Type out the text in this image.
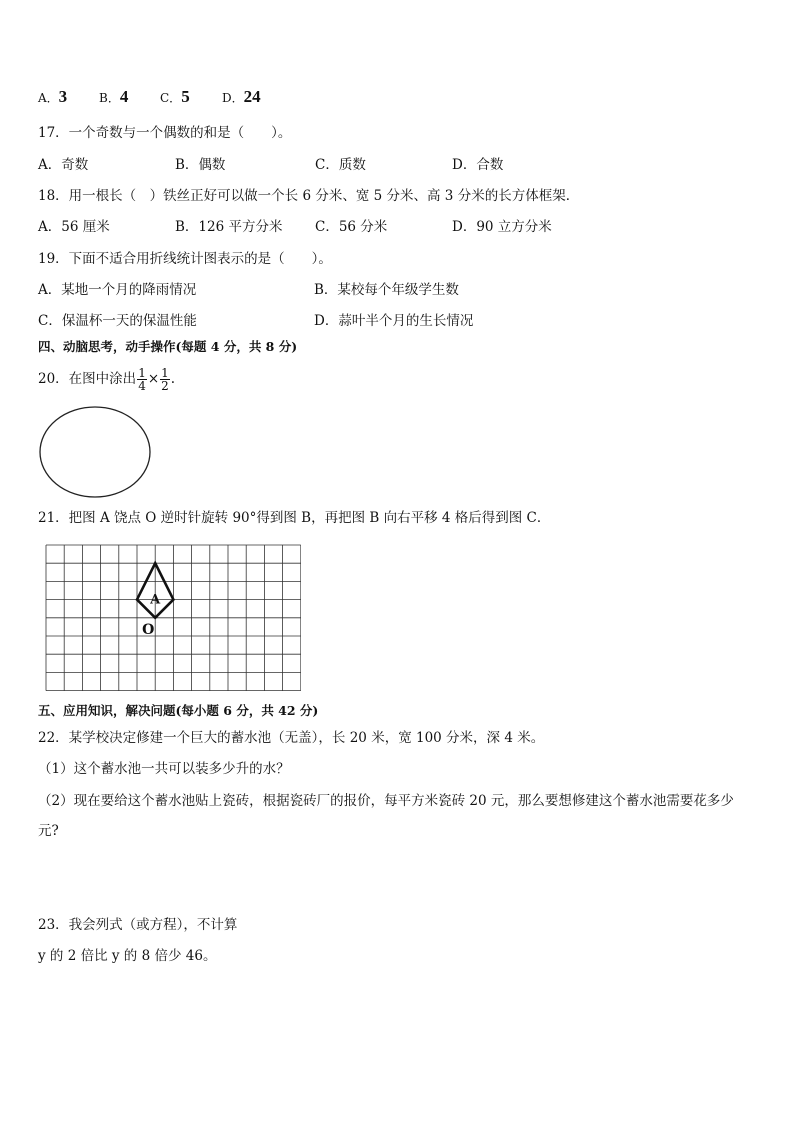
A．3	B．4	C．5	D．24
17．一个奇数与一个偶数的和是（　　）。
A．奇数	B．偶数	C．质数	D．合数
18．用一根长（　）铁丝正好可以做一个长 6 分米、宽 5 分米、高 3 分米的长方体框架．
A．56 厘米	B．126 平方分米 C．56 分米	D．90 立方分米
19．下面不适合用折线统计图表示的是（　　）。
A．某地一个月的降雨情况	B．某校每个年级学生数
C．保温杯一天的保温性能	D．蒜叶半个月的生长情况
四、动脑思考，动手操作(每题 4 分，共 8 分)
20．在图中涂出 $\frac{1}{4} \times \frac{1}{2}$ .
21．把图 A 饶点 O 逆时针旋转 90°得到图 B，再把图 B 向右平移 4 格后得到图 C．
A
O
五、应用知识，解决问题(每小题 6 分，共 42 分)
22．某学校决定修建一个巨大的蓄水池（无盖），长 20 米，宽 100 分米，深 4 米。
（1）这个蓄水池一共可以装多少升的水？
（2）现在要给这个蓄水池贴上瓷砖，根据瓷砖厂的报价，每平方米瓷砖 20 元，那么要想修建这个蓄水池需要花多少
元?
23．我会列式（或方程），不计算
y 的 2 倍比 y 的 8 倍少 46。
